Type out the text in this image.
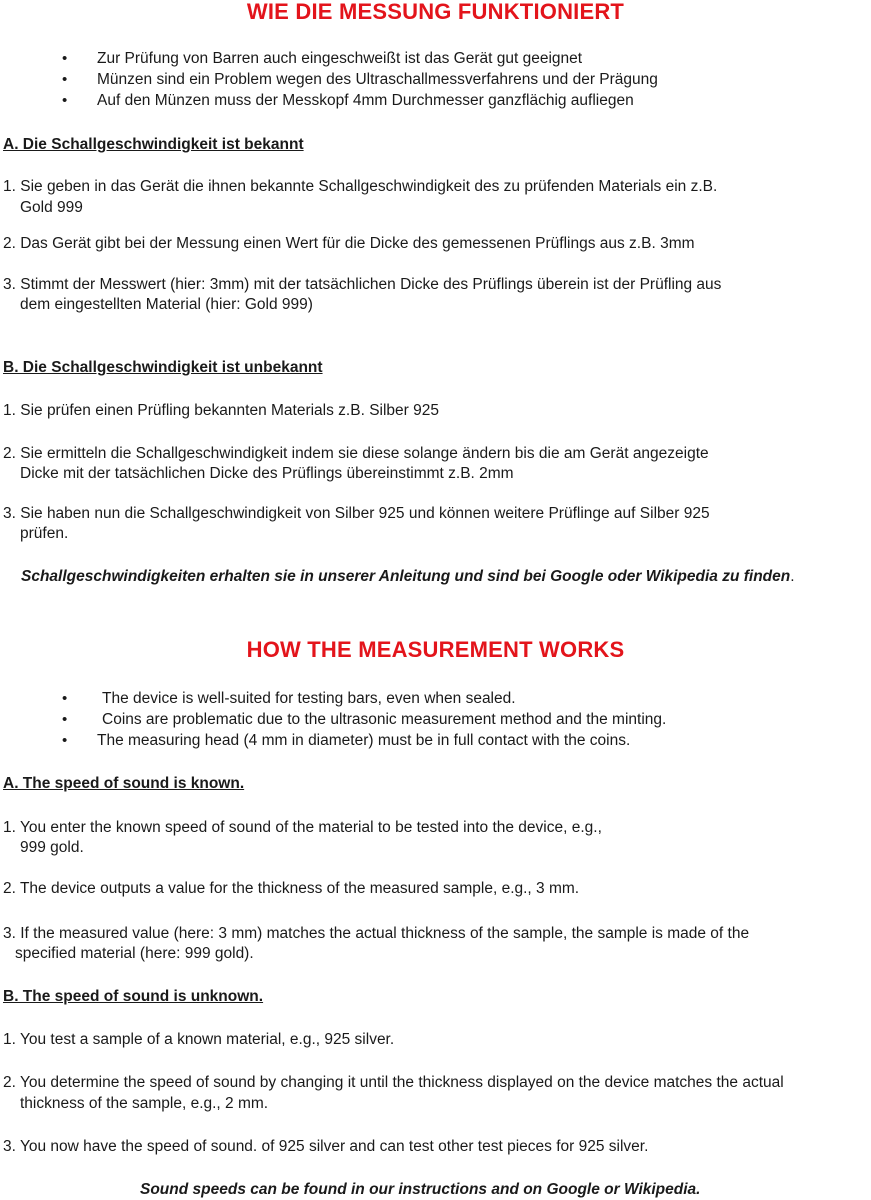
WIE DIE MESSUNG FUNKTIONIERT
• Zur Prüfung von Barren auch eingeschweißt ist das Gerät gut geeignet
• Münzen sind ein Problem wegen des Ultraschallmessverfahrens und der Prägung
• Auf den Münzen muss der Messkopf 4mm Durchmesser ganzflächig aufliegen
A. Die Schallgeschwindigkeit ist bekannt
1. Sie geben in das Gerät die ihnen bekannte Schallgeschwindigkeit des zu prüfenden Materials ein z.B.
Gold 999
2. Das Gerät gibt bei der Messung einen Wert für die Dicke des gemessenen Prüflings aus z.B. 3mm
3. Stimmt der Messwert (hier: 3mm) mit der tatsächlichen Dicke des Prüflings überein ist der Prüfling aus
dem eingestellten Material (hier: Gold 999)
B. Die Schallgeschwindigkeit ist unbekannt
1. Sie prüfen einen Prüfling bekannten Materials z.B. Silber 925
2. Sie ermitteln die Schallgeschwindigkeit indem sie diese solange ändern bis die am Gerät angezeigte
Dicke mit der tatsächlichen Dicke des Prüflings übereinstimmt z.B. 2mm
3. Sie haben nun die Schallgeschwindigkeit von Silber 925 und können weitere Prüflinge auf Silber 925
prüfen.
Schallgeschwindigkeiten erhalten sie in unserer Anleitung und sind bei Google oder Wikipedia zu finden.
HOW THE MEASUREMENT WORKS
• The device is well-suited for testing bars, even when sealed.
• Coins are problematic due to the ultrasonic measurement method and the minting.
• The measuring head (4 mm in diameter) must be in full contact with the coins.
A. The speed of sound is known.
1. You enter the known speed of sound of the material to be tested into the device, e.g.,
999 gold.
2. The device outputs a value for the thickness of the measured sample, e.g., 3 mm.
3. If the measured value (here: 3 mm) matches the actual thickness of the sample, the sample is made of the
specified material (here: 999 gold).
B. The speed of sound is unknown.
1. You test a sample of a known material, e.g., 925 silver.
2. You determine the speed of sound by changing it until the thickness displayed on the device matches the actual
thickness of the sample, e.g., 2 mm.
3. You now have the speed of sound. of 925 silver and can test other test pieces for 925 silver.
Sound speeds can be found in our instructions and on Google or Wikipedia.
